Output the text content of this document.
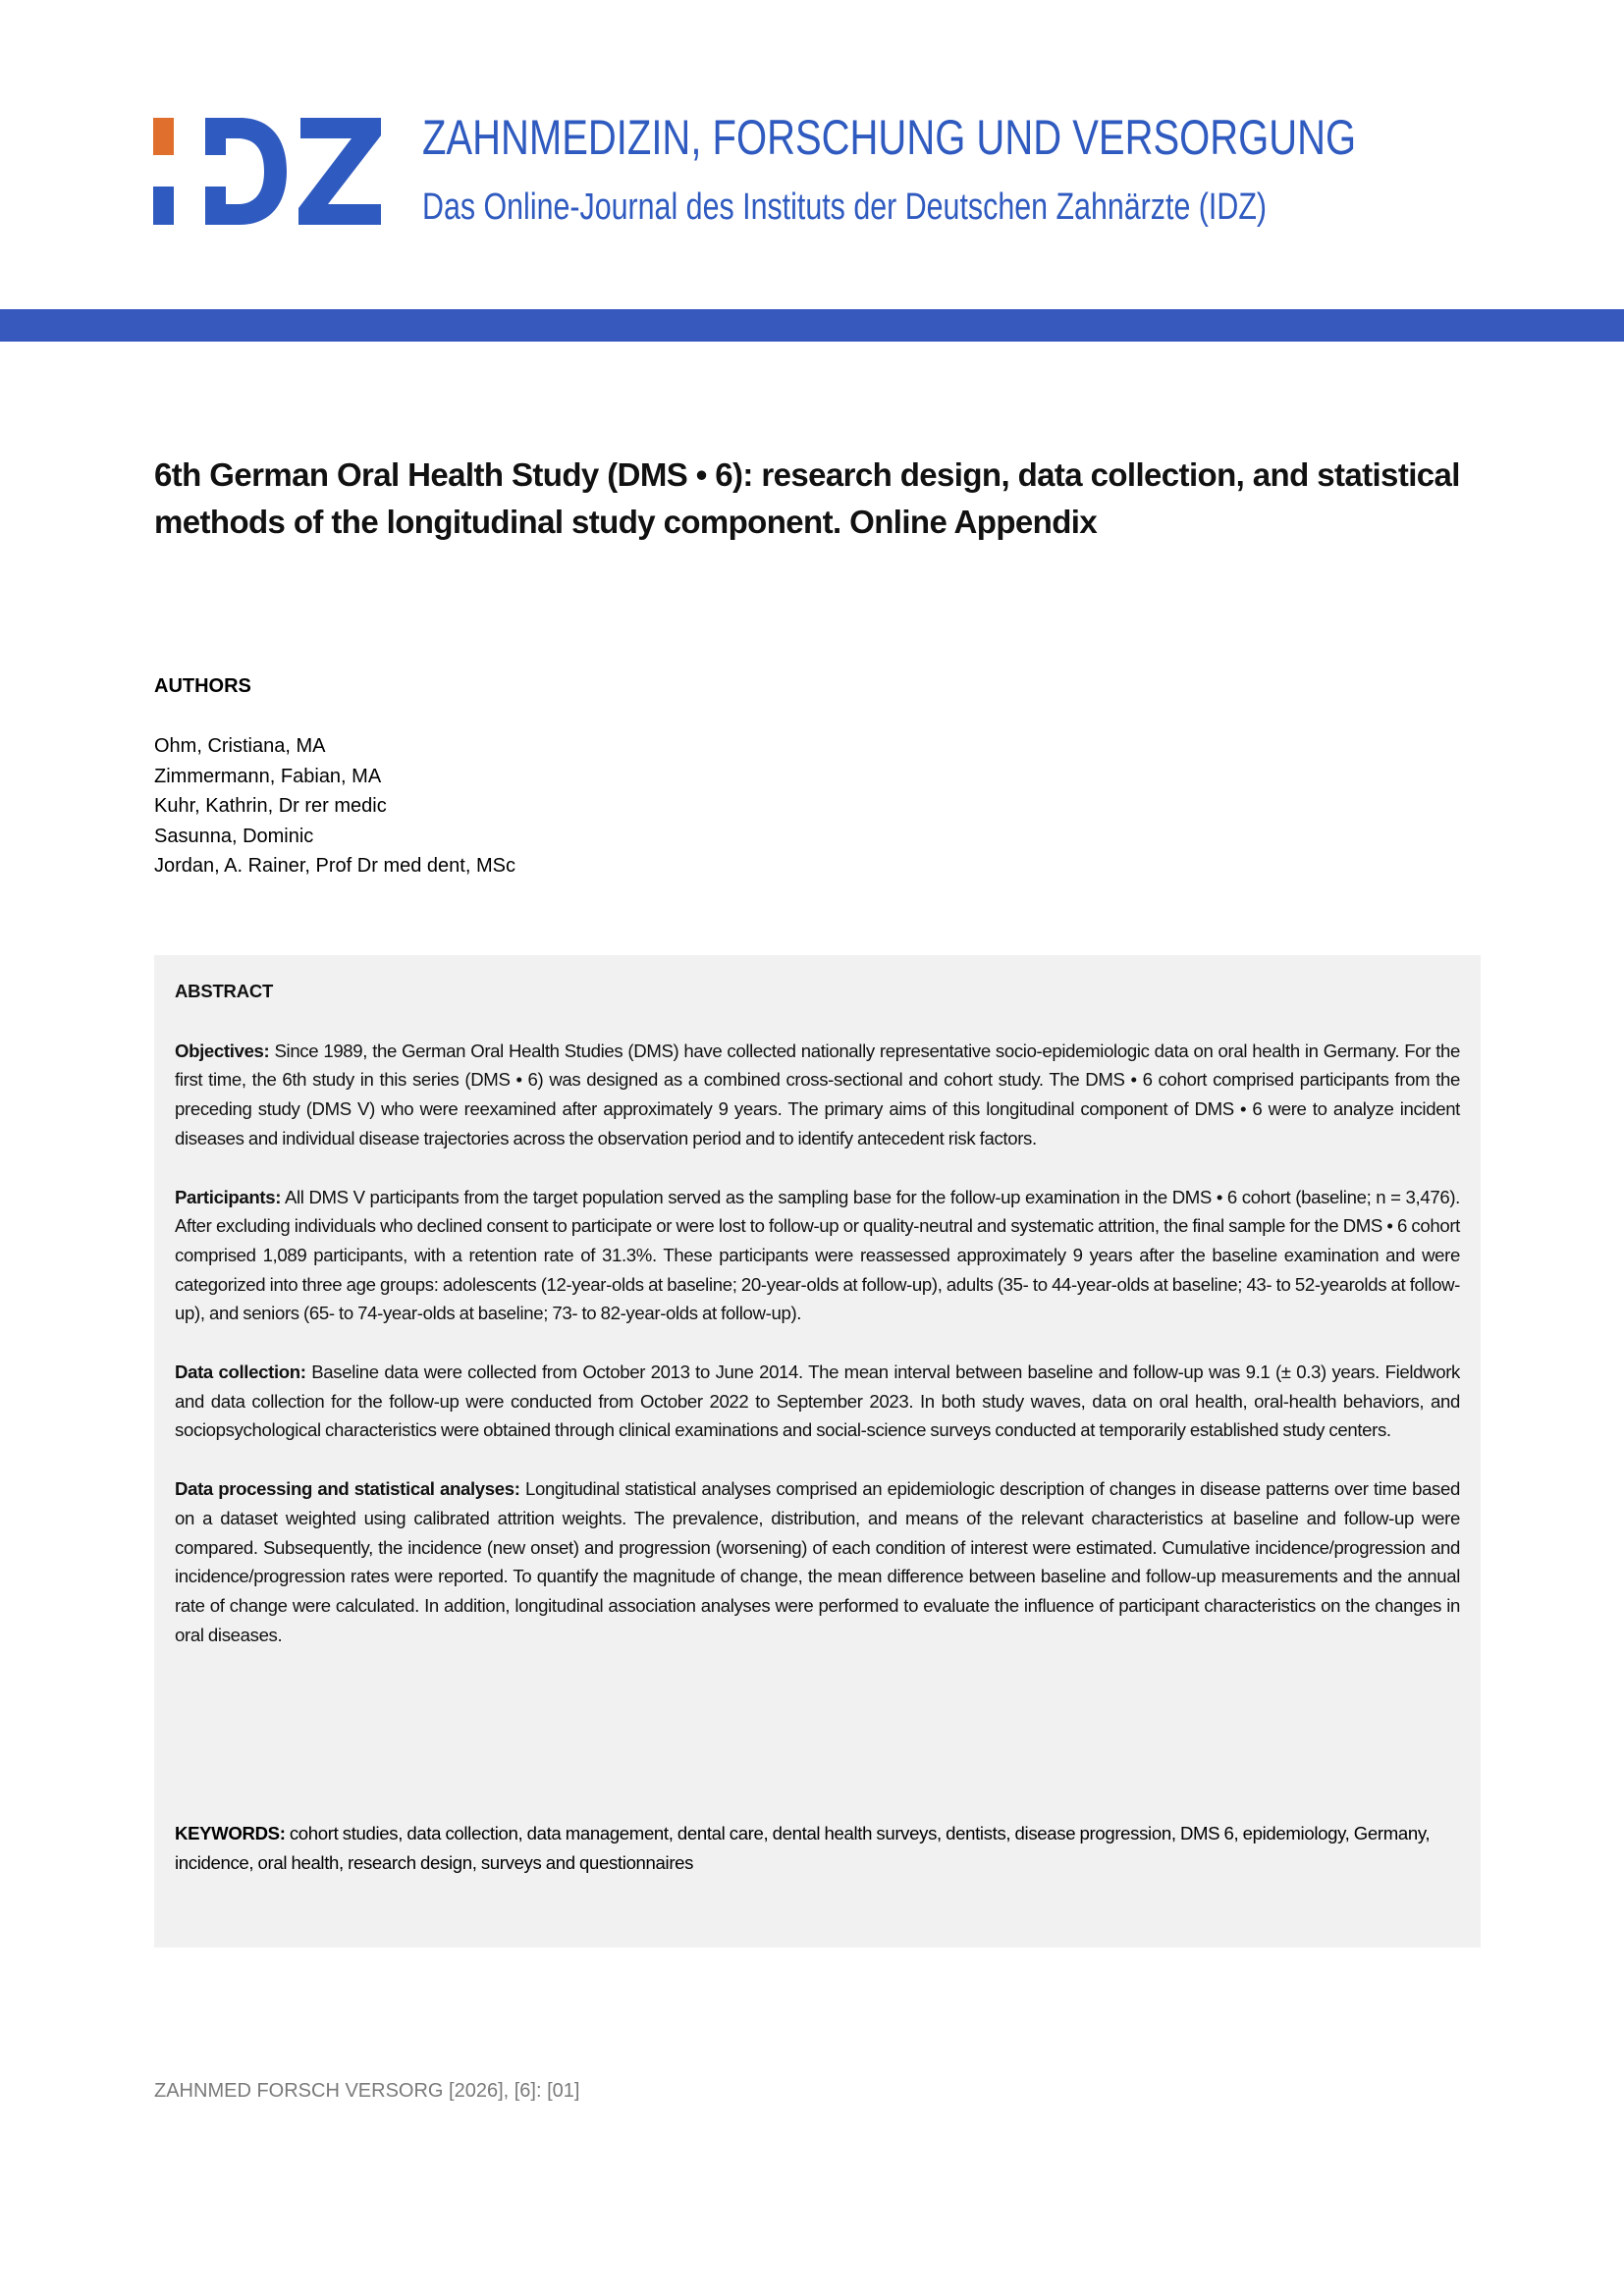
ZAHNMEDIZIN, FORSCHUNG UND VERSORGUNG
Das Online-Journal des Instituts der Deutschen Zahnärzte (IDZ)
6th German Oral Health Study (DMS • 6): research design, data collection, and statistical methods of the longitudinal study component. Online Appendix
AUTHORS
Ohm, Cristiana, MA
Zimmermann, Fabian, MA
Kuhr, Kathrin, Dr rer medic
Sasunna, Dominic
Jordan, A. Rainer, Prof Dr med dent, MSc
ABSTRACT

Objectives: Since 1989, the German Oral Health Studies (DMS) have collected nationally representative socio-epidemiologic data on oral health in Germany. For the first time, the 6th study in this series (DMS • 6) was designed as a combined cross-sectional and cohort study. The DMS • 6 cohort comprised participants from the preceding study (DMS V) who were reexamined after approximately 9 years. The primary aims of this longitudinal component of DMS • 6 were to analyze incident diseases and individual disease trajectories across the observation period and to identify antecedent risk factors.

Participants: All DMS V participants from the target population served as the sampling base for the follow-up examination in the DMS • 6 cohort (baseline; n = 3,476). After excluding individuals who declined consent to participate or were lost to follow-up or quality-neutral and systematic attrition, the final sample for the DMS • 6 cohort comprised 1,089 participants, with a retention rate of 31.3%. These participants were reassessed approximately 9 years after the baseline examination and were categorized into three age groups: adolescents (12-year-olds at baseline; 20-year-olds at follow-up), adults (35- to 44-year-olds at baseline; 43- to 52-yearolds at follow-up), and seniors (65- to 74-year-olds at baseline; 73- to 82-year-olds at follow-up).

Data collection: Baseline data were collected from October 2013 to June 2014. The mean interval between baseline and follow-up was 9.1 (± 0.3) years. Fieldwork and data collection for the follow-up were conducted from October 2022 to September 2023. In both study waves, data on oral health, oral-health behaviors, and sociopsychological characteristics were obtained through clinical examinations and social-science surveys conducted at temporarily established study centers.

Data processing and statistical analyses: Longitudinal statistical analyses comprised an epidemiologic description of changes in disease patterns over time based on a dataset weighted using calibrated attrition weights. The prevalence, distribution, and means of the relevant characteristics at baseline and follow-up were compared. Subsequently, the incidence (new onset) and progression (worsening) of each condition of interest were estimated. Cumulative incidence/progression and incidence/progression rates were reported. To quantify the magnitude of change, the mean difference between baseline and follow-up measurements and the annual rate of change were calculated. In addition, longitudinal association analyses were performed to evaluate the influence of participant characteristics on the changes in oral diseases.

KEYWORDS: cohort studies, data collection, data management, dental care, dental health surveys, dentists, disease progression, DMS 6, epidemiology, Germany, incidence, oral health, research design, surveys and questionnaires
ZAHNMED FORSCH VERSORG [2026], [6]: [01]
